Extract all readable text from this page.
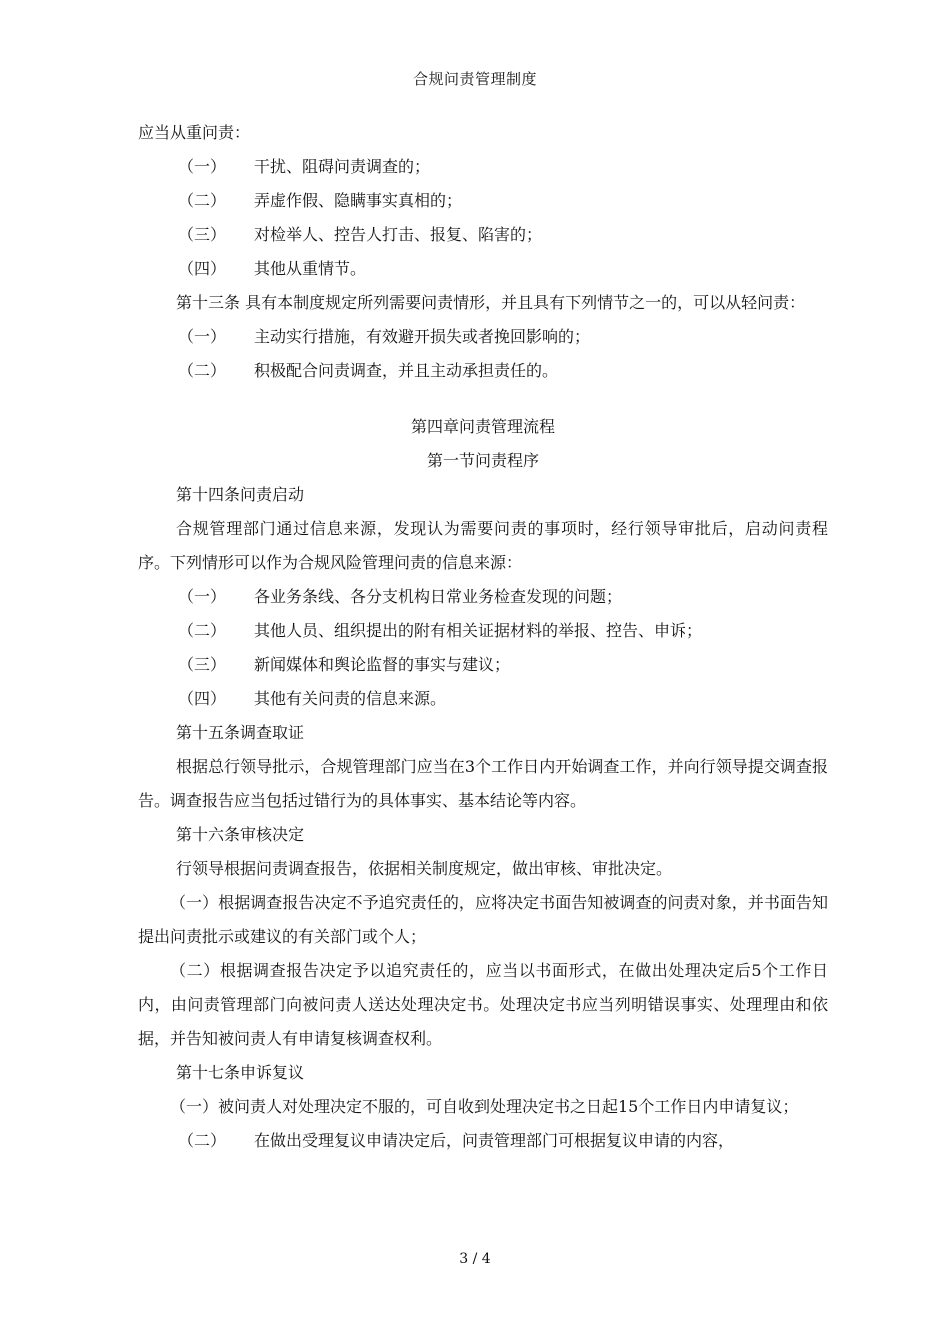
合规问责管理制度

应当从重问责：

（一）	干扰、阻碍问责调查的；
（二）	弄虚作假、隐瞒事实真相的；
（三）	对检举人、控告人打击、报复、陷害的；
（四）	其他从重情节。

第十三条 具有本制度规定所列需要问责情形，并且具有下列情节之一的，可以从轻问责：

（一）	主动实行措施，有效避开损失或者挽回影响的；
（二）	积极配合问责调查，并且主动承担责任的。

第四章问责管理流程

第一节问责程序

第十四条问责启动

合规管理部门通过信息来源，发现认为需要问责的事项时，经行领导审批后，启动问责程序。下列情形可以作为合规风险管理问责的信息来源：

（一）	各业务条线、各分支机构日常业务检查发现的问题；
（二）	其他人员、组织提出的附有相关证据材料的举报、控告、申诉；
（三）	新闻媒体和舆论监督的事实与建议；
（四）	其他有关问责的信息来源。

第十五条调查取证

根据总行领导批示，合规管理部门应当在3个工作日内开始调查工作，并向行领导提交调查报告。调查报告应当包括过错行为的具体事实、基本结论等内容。

第十六条审核决定

行领导根据问责调查报告，依据相关制度规定，做出审核、审批决定。

（一）根据调查报告决定不予追究责任的，应将决定书面告知被调查的问责对象，并书面告知提出问责批示或建议的有关部门或个人；

（二）根据调查报告决定予以追究责任的，应当以书面形式，在做出处理决定后5个工作日内，由问责管理部门向被问责人送达处理决定书。处理决定书应当列明错误事实、处理理由和依据，并告知被问责人有申请复核调查权利。

第十七条申诉复议

（一）被问责人对处理决定不服的，可自收到处理决定书之日起15个工作日内申请复议；

（二）	在做出受理复议申请决定后，问责管理部门可根据复议申请的内容，
3 / 4
